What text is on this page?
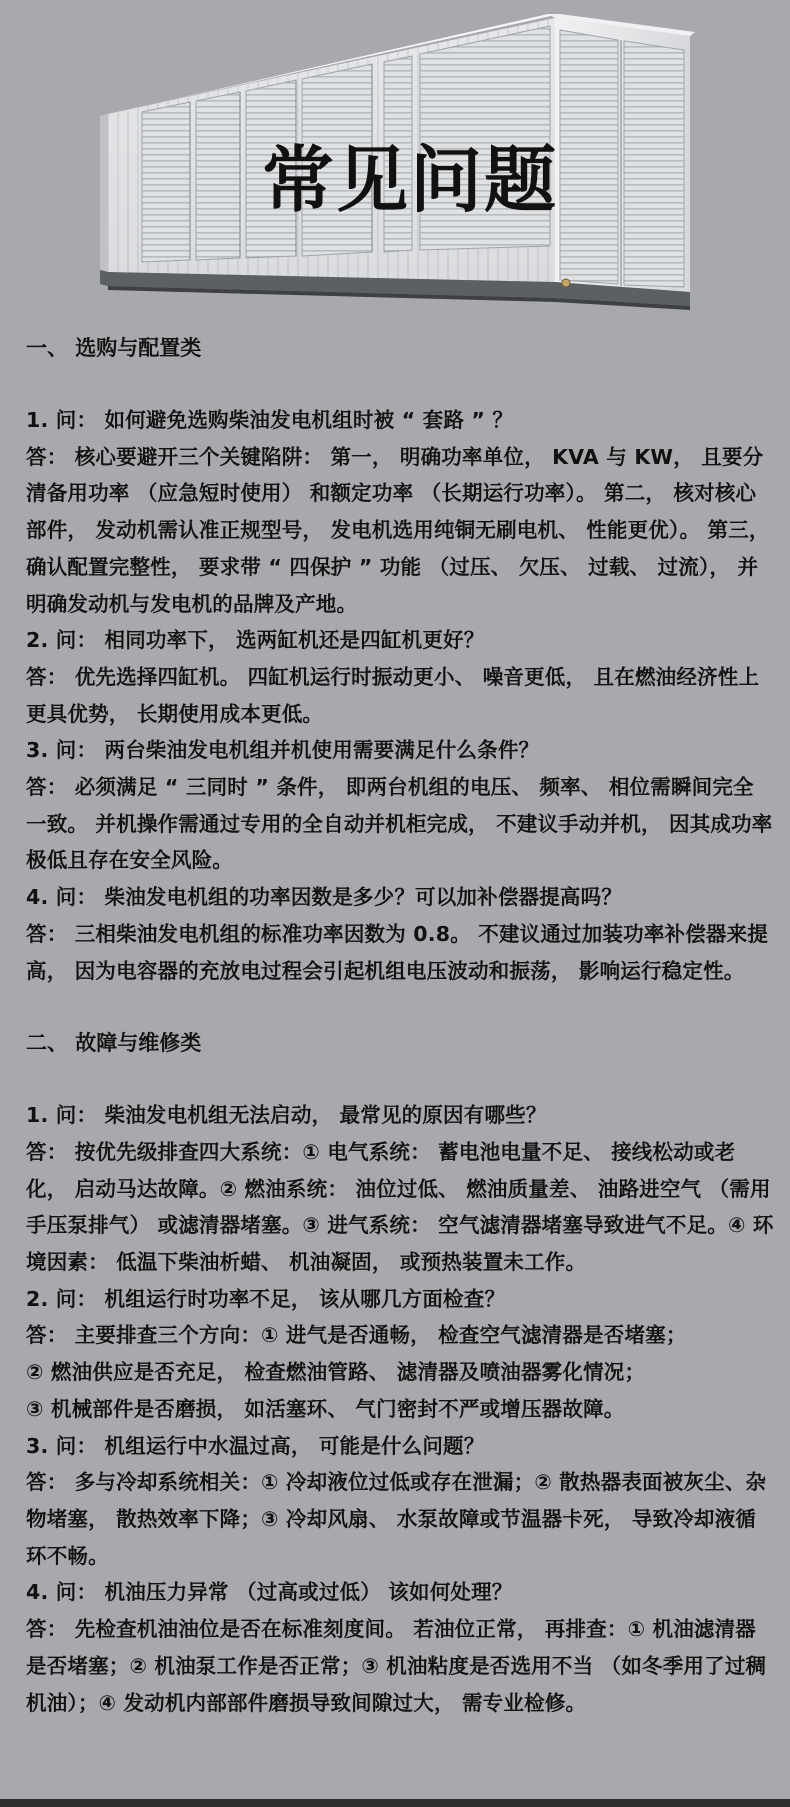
常见问题
一、 选购与配置类

1. 问： 如何避免选购柴油发电机组时被 “ 套路 ” ？

答： 核心要避开三个关键陷阱： 第一， 明确功率单位， KVA 与 KW， 且要分清备用功率 （应急短时使用） 和额定功率 （长期运行功率）。 第二， 核对核心部件， 发动机需认准正规型号， 发电机选用纯铜无刷电机、 性能更优）。 第三， 确认配置完整性， 要求带 “ 四保护 ” 功能 （过压、 欠压、 过载、 过流）， 并明确发动机与发电机的品牌及产地。

2. 问： 相同功率下， 选两缸机还是四缸机更好？

答： 优先选择四缸机。 四缸机运行时振动更小、 噪音更低， 且在燃油经济性上更具优势， 长期使用成本更低。

3. 问： 两台柴油发电机组并机使用需要满足什么条件？

答： 必须满足 “ 三同时 ” 条件， 即两台机组的电压、 频率、 相位需瞬间完全一致。 并机操作需通过专用的全自动并机柜完成， 不建议手动并机， 因其成功率极低且存在安全风险。

4. 问： 柴油发电机组的功率因数是多少？可以加补偿器提高吗？

答： 三相柴油发电机组的标准功率因数为 0.8。 不建议通过加装功率补偿器来提高， 因为电容器的充放电过程会引起机组电压波动和振荡， 影响运行稳定性。

二、 故障与维修类

1. 问： 柴油发电机组无法启动， 最常见的原因有哪些？

答： 按优先级排查四大系统：① 电气系统： 蓄电池电量不足、 接线松动或老化， 启动马达故障。② 燃油系统： 油位过低、 燃油质量差、 油路进空气 （需用手压泵排气） 或滤清器堵塞。③ 进气系统： 空气滤清器堵塞导致进气不足。④ 环境因素： 低温下柴油析蜡、 机油凝固， 或预热装置未工作。

2. 问： 机组运行时功率不足， 该从哪几方面检查？

答： 主要排查三个方向：① 进气是否通畅， 检查空气滤清器是否堵塞；

② 燃油供应是否充足， 检查燃油管路、 滤清器及喷油器雾化情况；

③ 机械部件是否磨损， 如活塞环、 气门密封不严或增压器故障。

3. 问： 机组运行中水温过高， 可能是什么问题？

答： 多与冷却系统相关：① 冷却液位过低或存在泄漏；② 散热器表面被灰尘、杂物堵塞， 散热效率下降；③ 冷却风扇、 水泵故障或节温器卡死， 导致冷却液循环不畅。

4. 问： 机油压力异常 （过高或过低） 该如何处理？

答： 先检查机油油位是否在标准刻度间。 若油位正常， 再排查：① 机油滤清器是否堵塞；② 机油泵工作是否正常；③ 机油粘度是否选用不当 （如冬季用了过稠机油）；④ 发动机内部部件磨损导致间隙过大， 需专业检修。
